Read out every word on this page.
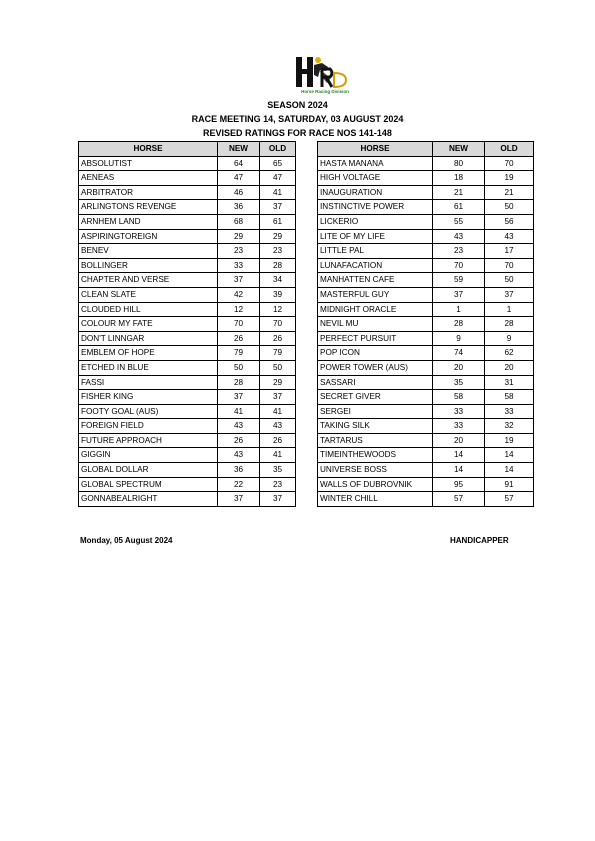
Horse Racing Division
SEASON 2024
RACE MEETING 14, SATURDAY, 03 AUGUST 2024
REVISED RATINGS FOR RACE NOS 141-148
HORSE	NEW	OLD
ABSOLUTIST	64	65
AENEAS	47	47
ARBITRATOR	46	41
ARLINGTONS REVENGE	36	37
ARNHEM LAND	68	61
ASPIRINGTOREIGN	29	29
BENEV	23	23
BOLLINGER	33	28
CHAPTER AND VERSE	37	34
CLEAN SLATE	42	39
CLOUDED HILL	12	12
COLOUR MY FATE	70	70
DON'T LINNGAR	26	26
EMBLEM OF HOPE	79	79
ETCHED IN BLUE	50	50
FASSI	28	29
FISHER KING	37	37
FOOTY GOAL (AUS)	41	41
FOREIGN FIELD	43	43
FUTURE APPROACH	26	26
GIGGIN	43	41
GLOBAL DOLLAR	36	35
GLOBAL SPECTRUM	22	23
GONNABEALRIGHT	37	37
HORSE	NEW	OLD
HASTA MANANA	80	70
HIGH VOLTAGE	18	19
INAUGURATION	21	21
INSTINCTIVE POWER	61	50
LICKERIO	55	56
LITE OF MY LIFE	43	43
LITTLE PAL	23	17
LUNAFACATION	70	70
MANHATTEN CAFE	59	50
MASTERFUL GUY	37	37
MIDNIGHT ORACLE	1	1
NEVIL MU	28	28
PERFECT PURSUIT	9	9
POP ICON	74	62
POWER TOWER (AUS)	20	20
SASSARI	35	31
SECRET GIVER	58	58
SERGEI	33	33
TAKING SILK	33	32
TARTARUS	20	19
TIMEINTHEWOODS	14	14
UNIVERSE BOSS	14	14
WALLS OF DUBROVNIK	95	91
WINTER CHILL	57	57
Monday, 05 August 2024	HANDICAPPER
